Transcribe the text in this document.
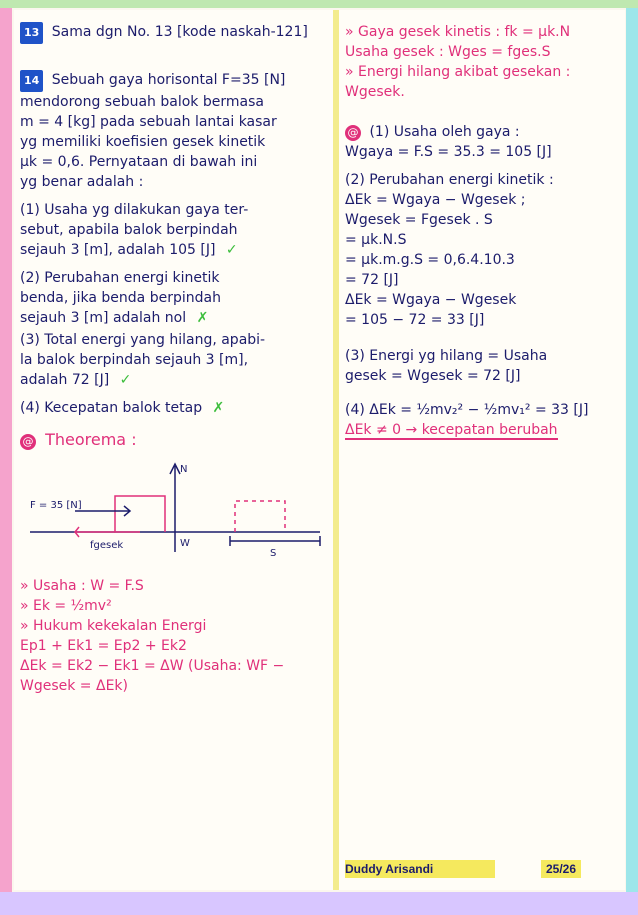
13 Sama dgn No. 13 [kode naskah-121]
14 Sebuah gaya horisontal F=35 [N]
mendorong sebuah balok bermasa
m = 4 [kg] pada sebuah lantai kasar
yg memiliki koefisien gesek kinetik
μk = 0,6. Pernyataan di bawah ini
yg benar adalah :
(1) Usaha yg dilakukan gaya ter-
sebut, apabila balok berpindah
sejauh 3 [m], adalah 105 [J] ✓
(2) Perubahan energi kinetik
benda, jika benda berpindah
sejauh 3 [m] adalah nol ✗
(3) Total energi yang hilang, apabi-
la balok berpindah sejauh 3 [m],
adalah 72 [J] ✓
(4) Kecepatan balok tetap ✗
@ Theorema :
N
F = 35 [N]
fgesek	W
S
» Usaha : W = F.S
» Ek = ½mv²
» Hukum kekekalan Energi
Ep1 + Ek1 = Ep2 + Ek2
ΔEk = Ek2 − Ek1 = ΔW (Usaha: WF −
Wgesek = ΔEk)
» Gaya gesek kinetis : fk = μk.N
Usaha gesek : Wges = fges.S
» Energi hilang akibat gesekan :
Wgesek.
@ (1) Usaha oleh gaya :
Wgaya = F.S = 35.3 = 105 [J]
(2) Perubahan energi kinetik :
ΔEk = Wgaya − Wgesek ;
Wgesek = Fgesek . S
= μk.N.S
= μk.m.g.S = 0,6.4.10.3
= 72 [J]
ΔEk = Wgaya − Wgesek
= 105 − 72 = 33 [J]
(3) Energi yg hilang = Usaha
gesek = Wgesek = 72 [J]
(4) ΔEk = ½mv₂² − ½mv₁² = 33 [J]
ΔEk ≠ 0 → kecepatan berubah
Duddy Arisandi	25/26
